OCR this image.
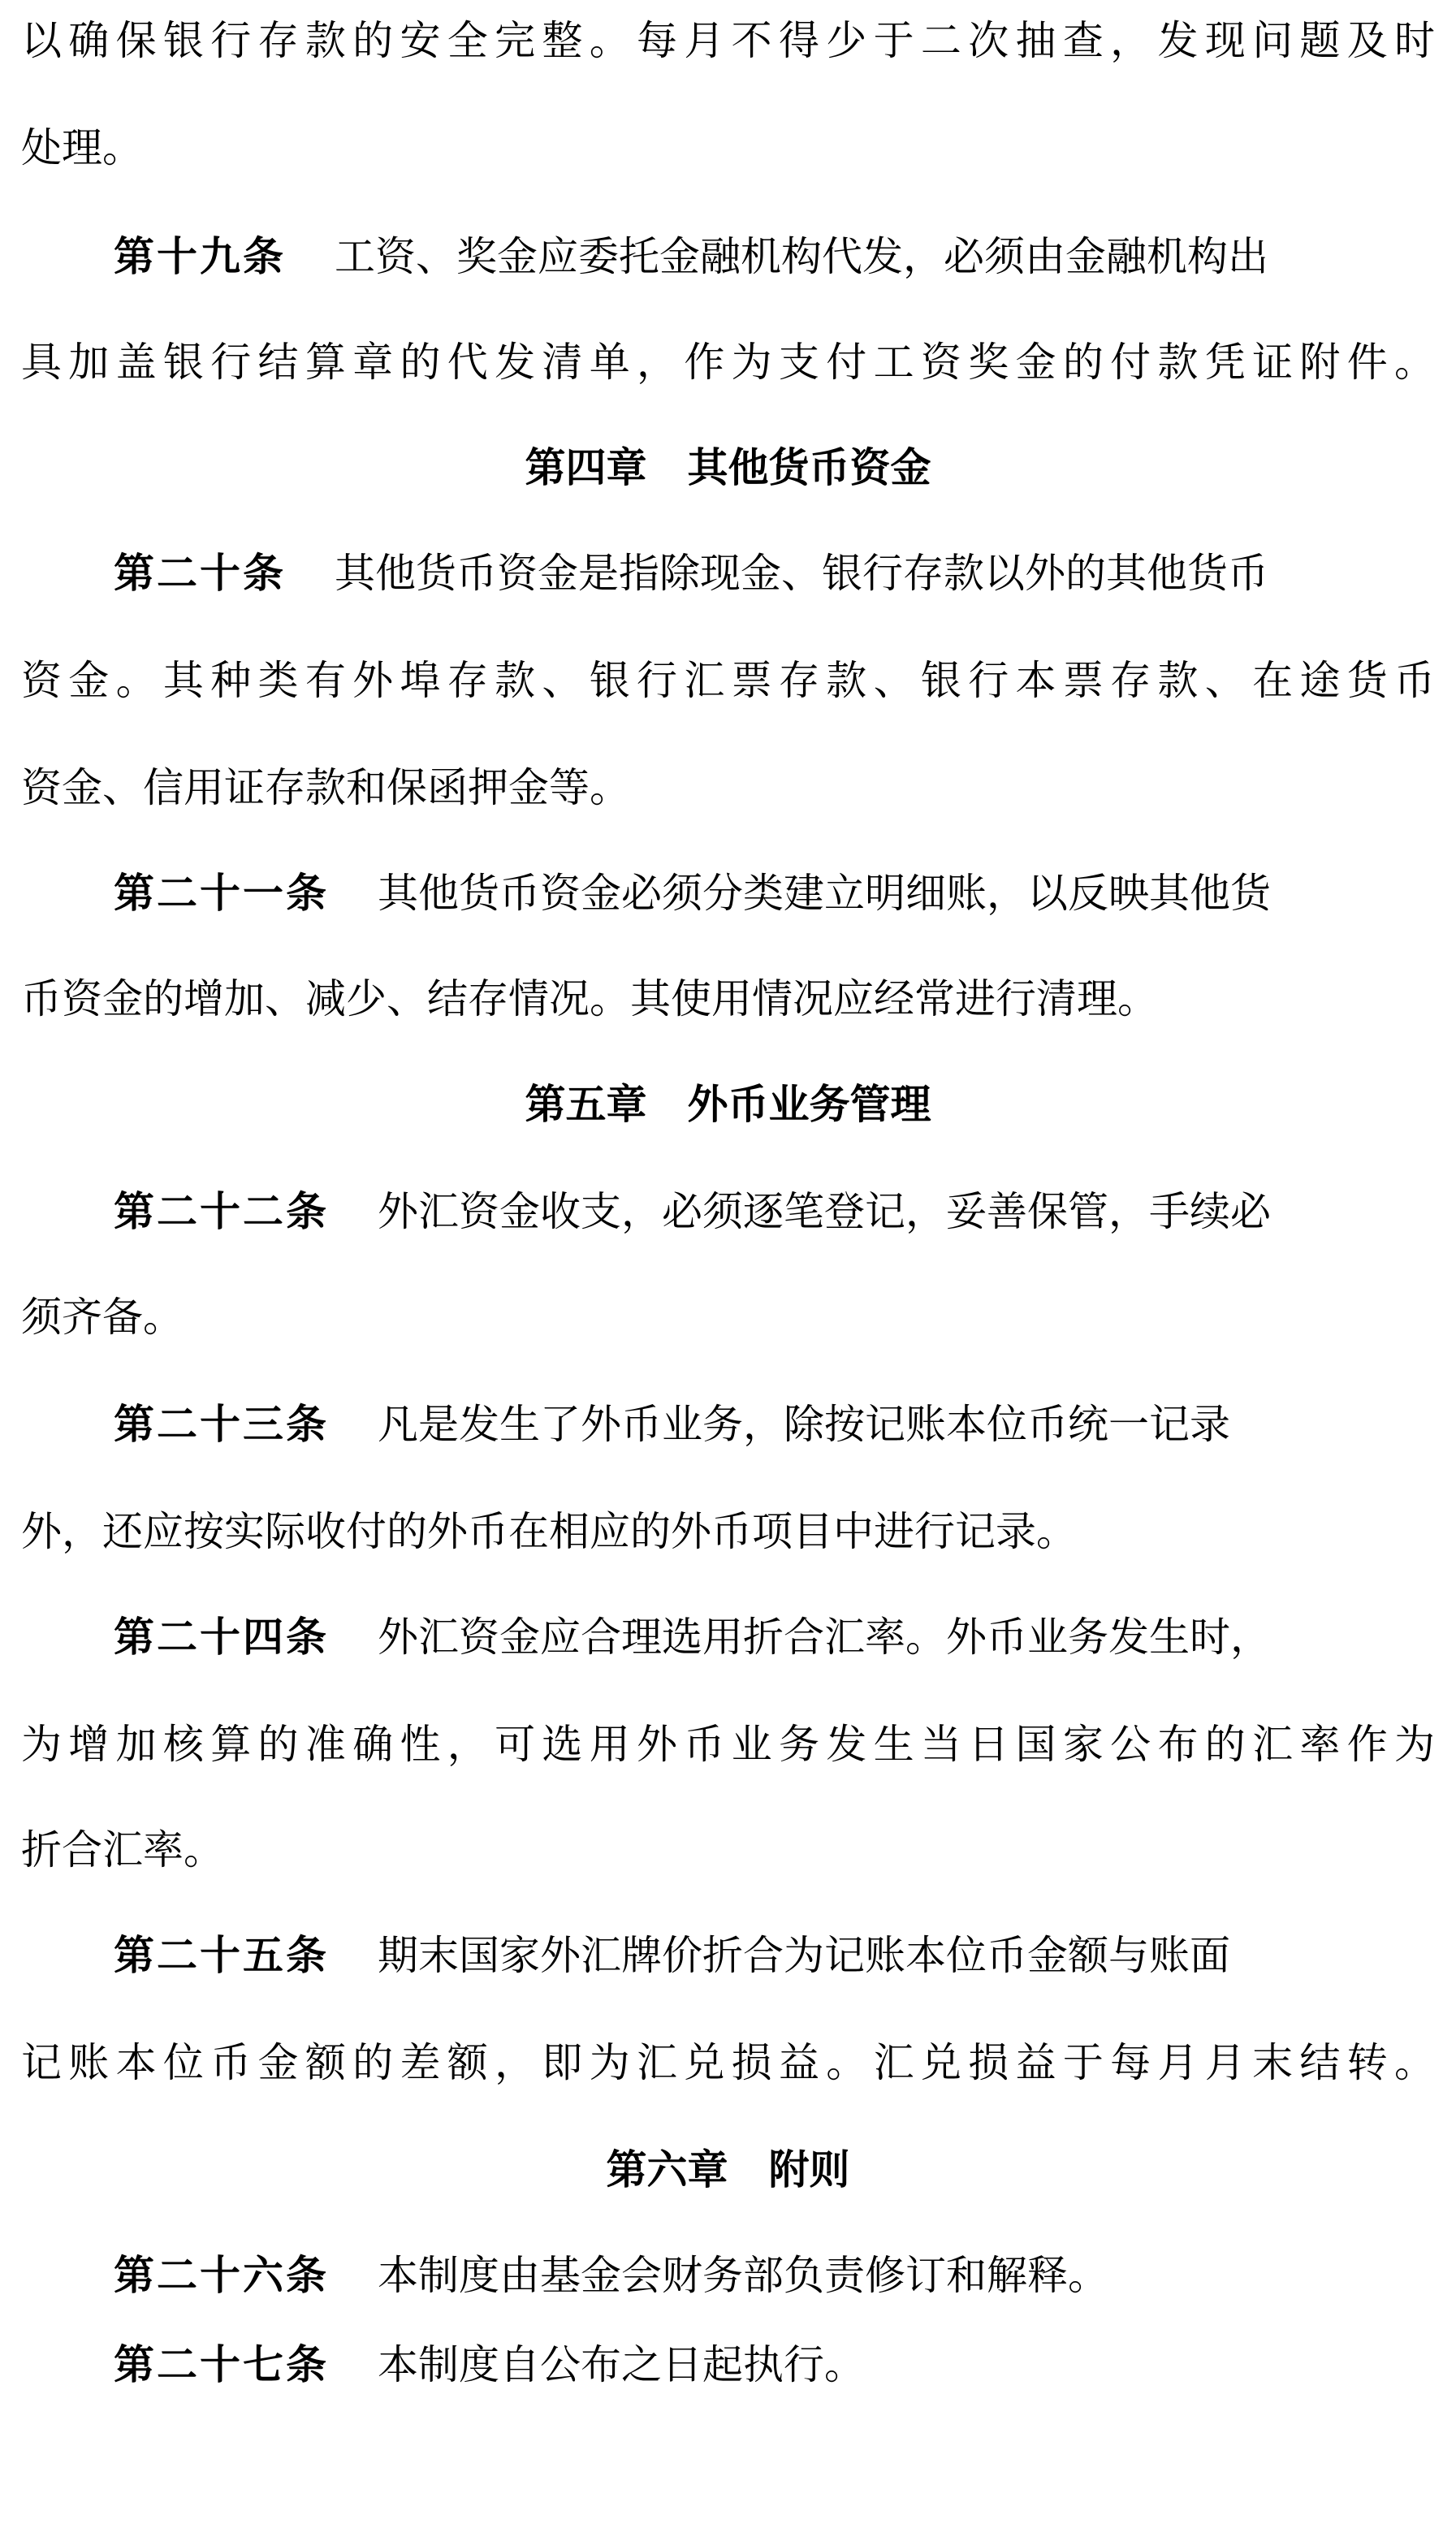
以确保银行存款的安全完整。每月不得少于二次抽查，发现问题及时
处理。
第十九条 工资、奖金应委托金融机构代发，必须由金融机构出
具加盖银行结算章的代发清单，作为支付工资奖金的付款凭证附件。
第四章 其他货币资金
第二十条 其他货币资金是指除现金、银行存款以外的其他货币
资金。其种类有外埠存款、银行汇票存款、银行本票存款、在途货币
资金、信用证存款和保函押金等。
第二十一条 其他货币资金必须分类建立明细账，以反映其他货
币资金的增加、减少、结存情况。其使用情况应经常进行清理。
第五章 外币业务管理
第二十二条 外汇资金收支，必须逐笔登记，妥善保管，手续必
须齐备。
第二十三条 凡是发生了外币业务，除按记账本位币统一记录
外，还应按实际收付的外币在相应的外币项目中进行记录。
第二十四条 外汇资金应合理选用折合汇率。外币业务发生时，
为增加核算的准确性，可选用外币业务发生当日国家公布的汇率作为
折合汇率。
第二十五条 期末国家外汇牌价折合为记账本位币金额与账面
记账本位币金额的差额，即为汇兑损益。汇兑损益于每月月末结转。
第六章 附则
第二十六条 本制度由基金会财务部负责修订和解释。
第二十七条 本制度自公布之日起执行。
